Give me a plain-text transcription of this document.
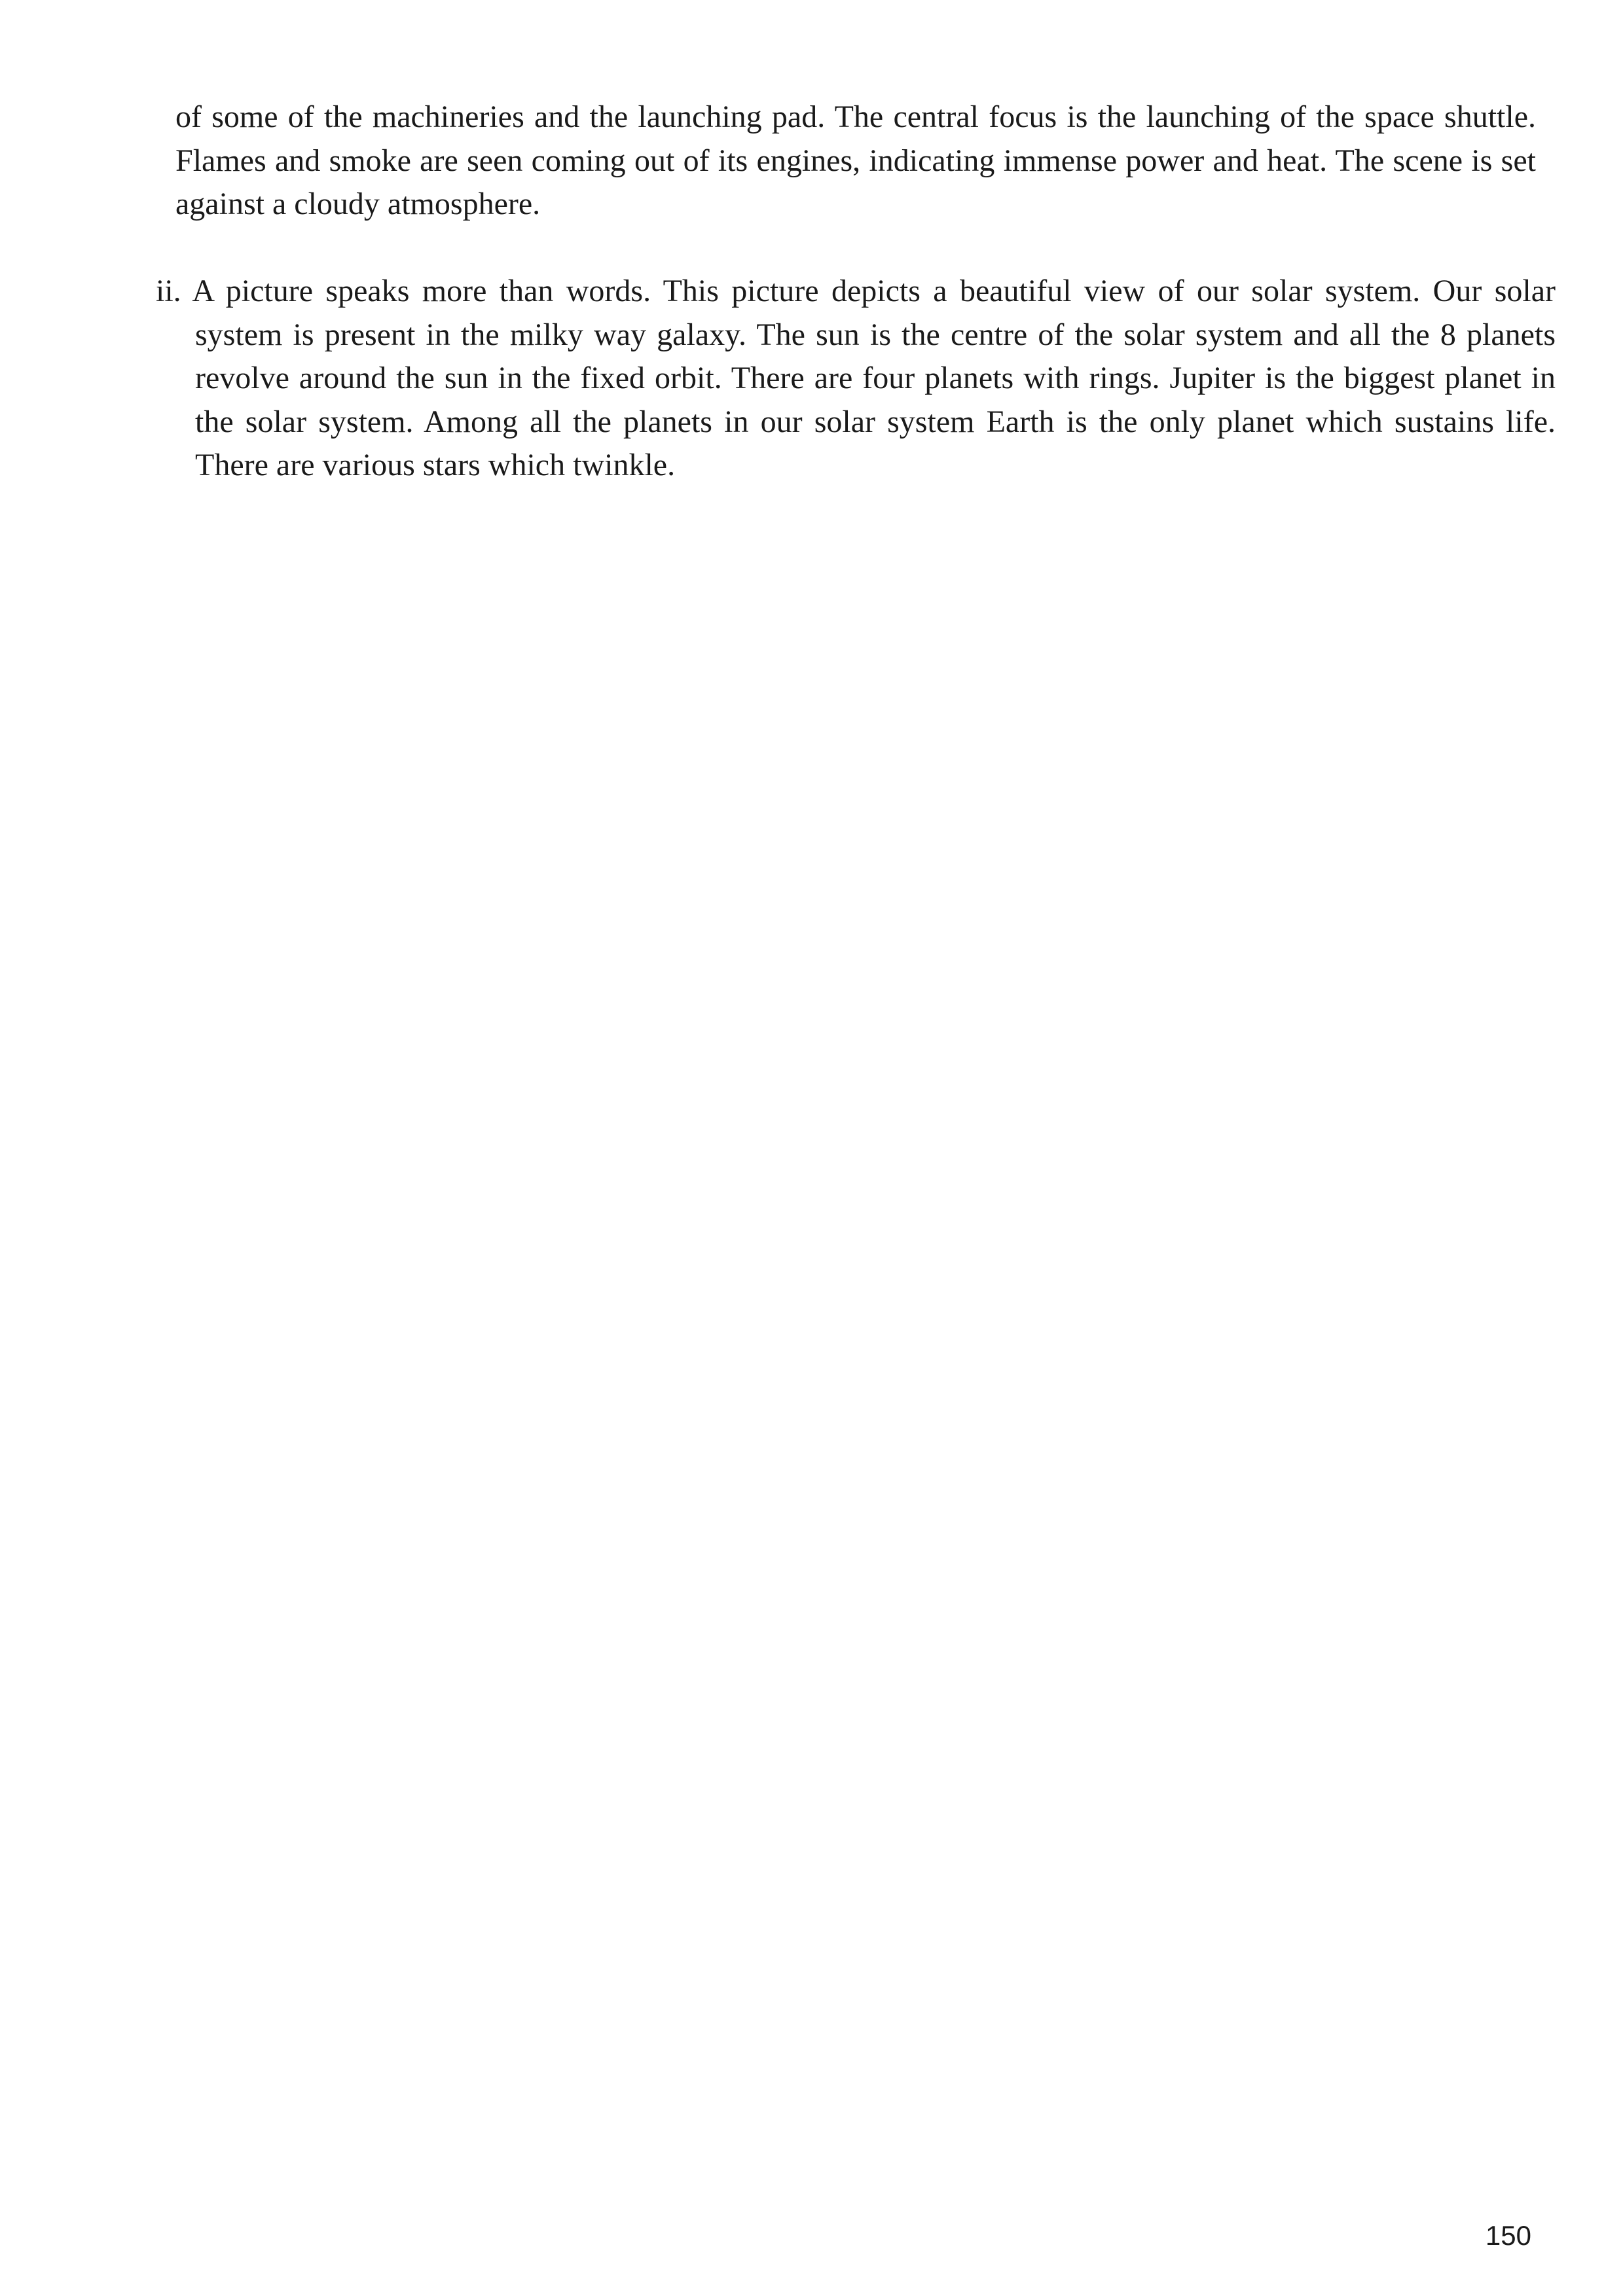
of some of the machineries and the launching pad. The central focus is the launching of the space shuttle. Flames and smoke are seen coming out of its engines, indicating immense power and heat. The scene is set against a cloudy atmosphere.

ii. A picture speaks more than words. This picture depicts a beautiful view of our solar system. Our solar system is present in the milky way galaxy. The sun is the centre of the solar system and all the 8 planets revolve around the sun in the fixed orbit. There are four planets with rings. Jupiter is the biggest planet in the solar system. Among all the planets in our solar system Earth is the only planet which sustains life. There are various stars which twinkle.

150
